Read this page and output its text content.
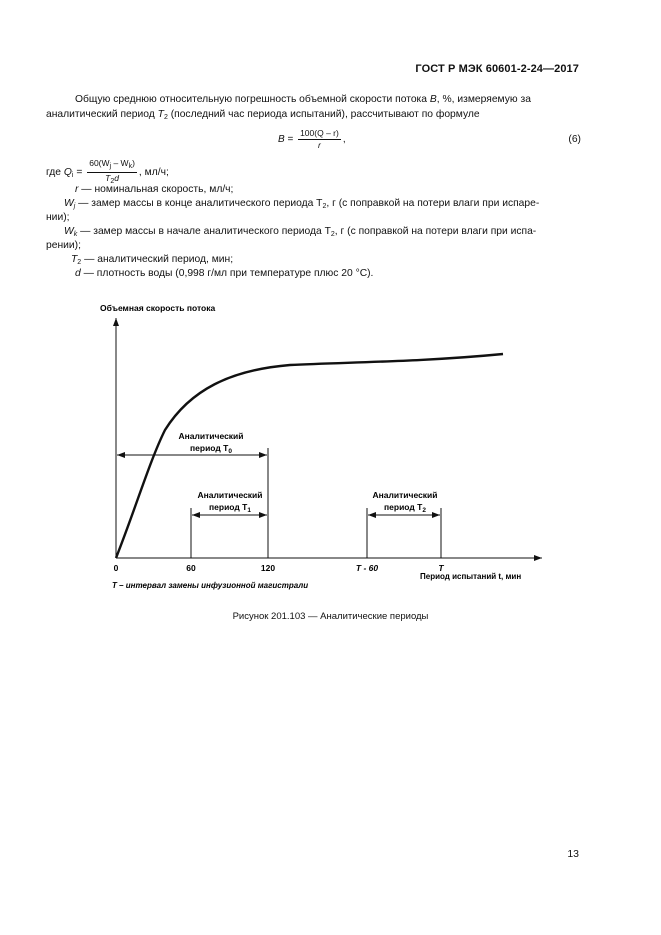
ГОСТ Р МЭК 60601-2-24—2017
Общую среднюю относительную погрешность объемной скорости потока B, %, измеряемую за
аналитический период $T_2$ (последний час периода испытаний), рассчитывают по формуле
$B = \frac{100(Q - r)}{r}$ ,	(6)
где $Q_i = \frac{60(W_j - W_k)}{T_2d}$ , мл/ч;
r — номинальная скорость, мл/ч;
$W_j$ — замер массы в конце аналитического периода $T_2$, г (с поправкой на потери влаги при испаре-
нии);
$W_k$ — замер массы в начале аналитического периода $T_2$, г (с поправкой на потери влаги при испа-
рении);
$T_2$ — аналитический период, мин;
d — плотность воды (0,998 г/мл при температуре плюс 20 °С).
Объемная скорость потока
Аналитический
период $T_0$
Аналитический
период $T_1$
Аналитический
период $T_2$
0	60	120	T - 60	T
Период испытаний t, мин
T – интервал замены инфузионной магистрали
Рисунок 201.103 — Аналитические периоды
13
